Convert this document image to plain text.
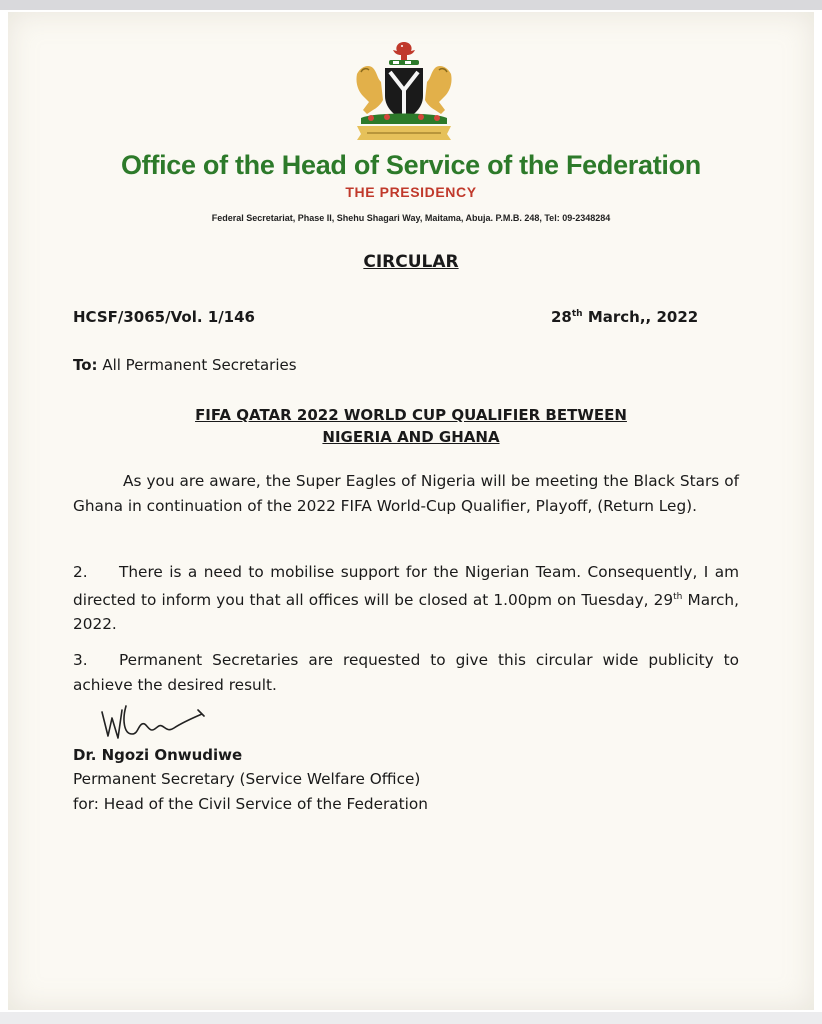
Office of the Head of Service of the Federation
THE PRESIDENCY
Federal Secretariat, Phase II, Shehu Shagari Way, Maitama, Abuja. P.M.B. 248, Tel: 09-2348284
CIRCULAR
HCSF/3065/Vol. 1/146	28th March,, 2022
To: All Permanent Secretaries
FIFA QATAR 2022 WORLD CUP QUALIFIER BETWEEN
NIGERIA AND GHANA
As you are aware, the Super Eagles of Nigeria will be meeting the Black Stars of Ghana in continuation of the 2022 FIFA World-Cup Qualifier, Playoff, (Return Leg).
2. There is a need to mobilise support for the Nigerian Team. Consequently, I am directed to inform you that all offices will be closed at 1.00pm on Tuesday, 29th March, 2022.
3. Permanent Secretaries are requested to give this circular wide publicity to achieve the desired result.
Dr. Ngozi Onwudiwe
Permanent Secretary (Service Welfare Office)
for: Head of the Civil Service of the Federation
